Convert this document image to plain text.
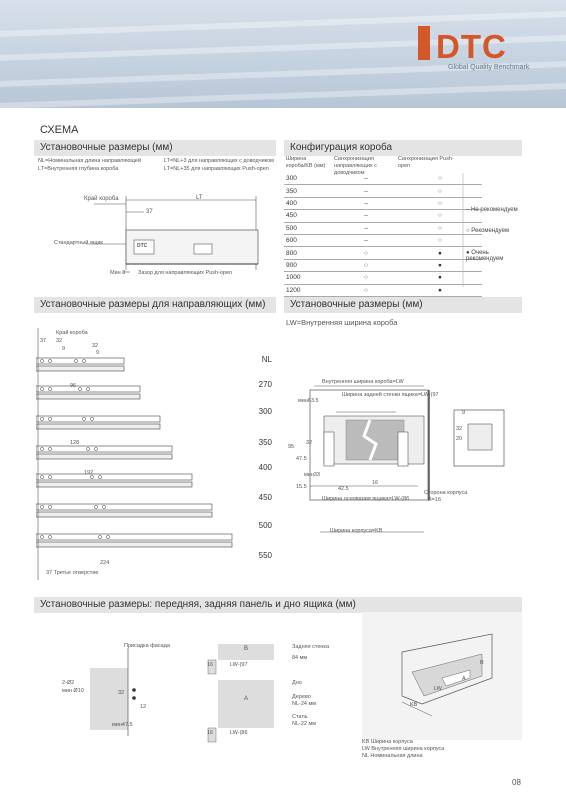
DTC
Global Quality Benchmark
СХЕМА
Установочные размеры (мм)
NL=Номинальная длина направляющей
LT=Внутренняя глубина короба
LT=NL+3 для направляющих с доводчиком
LT=NL+35 для направляющих Push-open
Край короба	LT
37
Стандартный ящик	DTC
Мин 3 Зазор для направляющих Push-open
Конфигурация короба
Ширина короба/KB (мм)
Синхронизация направляющих с доводчиком
Синхронизация Push-open
300	–	○
350	–	○
400	–	○
450	–	○
500	–	○
600	–	○
800	○	●
900	○	●
1000	○	●
1200	○	●
– Не рекомендуем
○ Рекомендуем
● Очень рекомендуем
Установочные размеры для направляющих (мм)
Край короба
37 32
9	32
9
NL
96
128
192
224
37 Третье отверстие
270
300
350
400
450
500
550
Установочные размеры (мм)
LW=Внутренняя ширина короба
Внутренняя ширина короба=LW
Ширина задней стенки ящика=LW-(97
Ширина основания ящика=LW-(86
Ширина корпуса=KB
Сторона корпуса
B=16
мин63.5
95
47.5
32
мин33
15.5	42.5
16
9
32
20
Установочные размеры: передняя, задняя панель и дно ящика (мм)
Присадка фасада
2-Ø2
мин Ø10	32
12
мин47.5
B
A
16
16
LW-(97
LW-(86
Задняя стенка
84 мм
Дно
Дерево
NL-24 мм
Сталь
NL-22 мм
B
A
LW
KB
KB Ширина корпуса
LW Внутренняя ширина корпуса
NL Номинальная длина
08
